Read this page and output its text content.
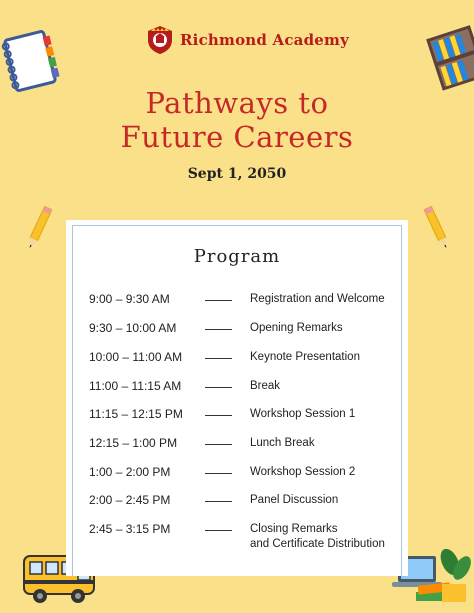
Richmond Academy
Pathways to
Future Careers
Sept 1, 2050
Program
9:00 – 9:30 AM	Registration and Welcome
9:30 – 10:00 AM	Opening Remarks
10:00 – 11:00 AM	Keynote Presentation
11:00 – 11:15 AM	Break
11:15 – 12:15 PM	Workshop Session 1
12:15 – 1:00 PM	Lunch Break
1:00 – 2:00 PM	Workshop Session 2
2:00 – 2:45 PM	Panel Discussion
2:45 – 3:15 PM	Closing Remarks
and Certificate Distribution
